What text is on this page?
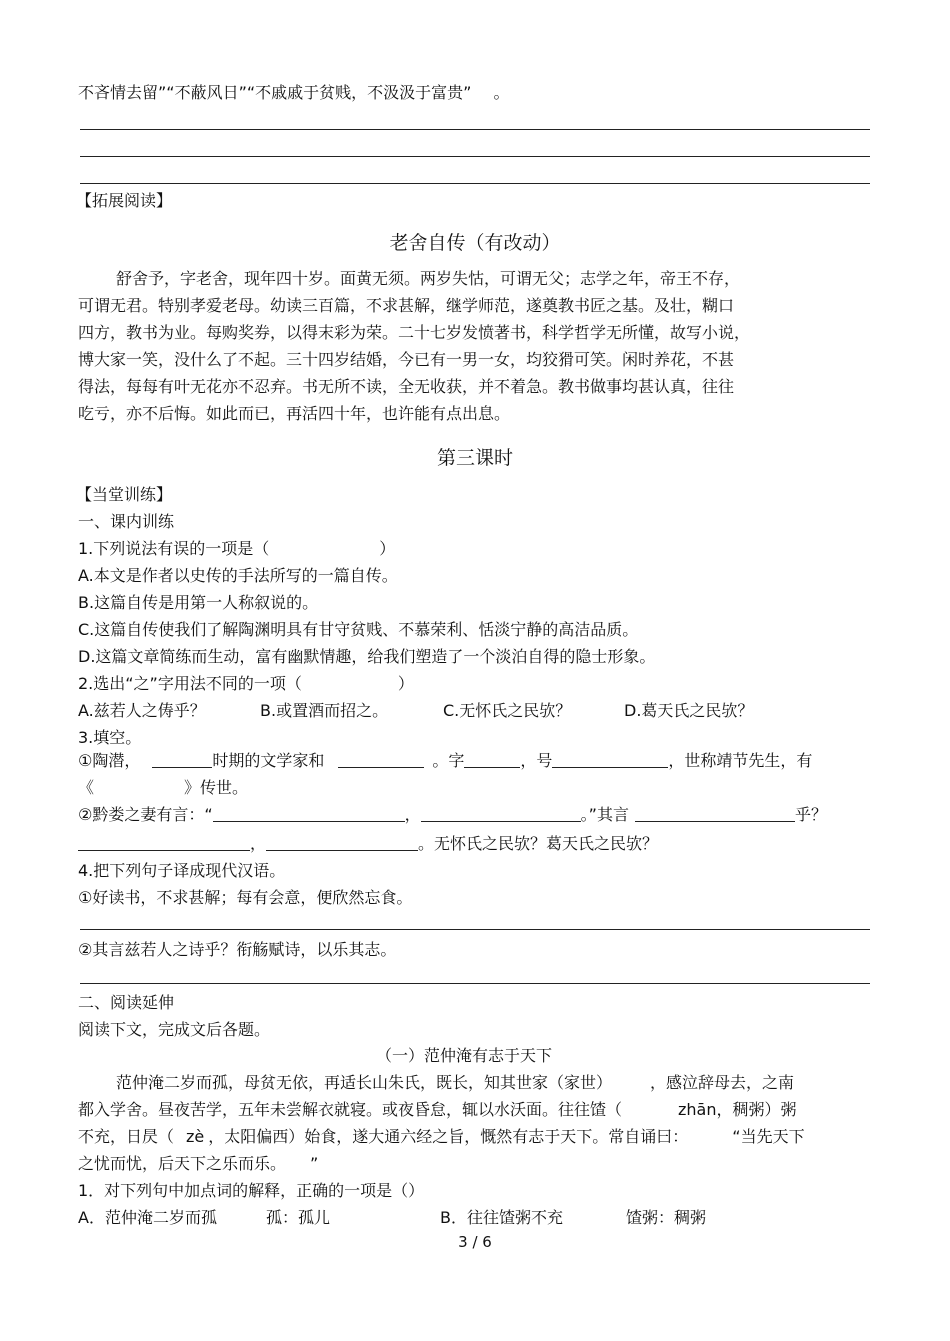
不吝情去留”“不蔽风日”“不戚戚于贫贱，不汲汲于富贵” 。
【拓展阅读】
老舍自传（有改动）
舒舍予，字老舍，现年四十岁。面黄无须。两岁失怙，可谓无父；志学之年，帝王不存，
可谓无君。特别孝爱老母。幼读三百篇，不求甚解，继学师范，遂奠教书匠之基。及壮，糊口
四方，教书为业。每购奖券，以得末彩为荣。二十七岁发愤著书，科学哲学无所懂，故写小说，
博大家一笑，没什么了不起。三十四岁结婚，今已有一男一女，均狡猾可笑。闲时养花，不甚
得法，每每有叶无花亦不忍弃。书无所不读，全无收获，并不着急。教书做事均甚认真，往往
吃亏，亦不后悔。如此而已，再活四十年，也许能有点出息。
第三课时
【当堂训练】
一、课内训练
1.下列说法有误的一项是（	）
A.本文是作者以史传的手法所写的一篇自传。
B.这篇自传是用第一人称叙说的。
C.这篇自传使我们了解陶渊明具有甘守贫贱、不慕荣利、恬淡宁静的高洁品质。
D.这篇文章简练而生动，富有幽默情趣，给我们塑造了一个淡泊自得的隐士形象。
2.选出“之”字用法不同的一项（	）
A.兹若人之俦乎？	B.或置酒而招之。	C.无怀氏之民欤？	D.葛天氏之民欤？
3.填空。
①陶潜，	时期的文学家和	。字	，号	，世称靖节先生，有
《	》传世。
②黔娄之妻有言：“	，	。”其言	乎？
，	。无怀氏之民欤？葛天氏之民欤？
4.把下列句子译成现代汉语。
①好读书，不求甚解；每有会意，便欣然忘食。
②其言兹若人之诗乎？衔觞赋诗，以乐其志。
二、阅读延伸
阅读下文，完成文后各题。
（一）范仲淹有志于天下
范仲淹二岁而孤，母贫无依，再适长山朱氏，既长，知其世家（家世） ，感泣辞母去，之南
都入学舍。昼夜苦学，五年未尝解衣就寝。或夜昏怠，辄以水沃面。往往馇（	zhān，稠粥）粥
不充，日昃（ zè ，太阳偏西）始食，遂大通六经之旨，慨然有志于天下。常自诵曰：	“当先天下
之忧而忧，后天下之乐而乐。 ”
1．对下列句中加点词的解释，正确的一项是（）
A．范仲淹二岁而孤	孤：孤儿	B．往往馇粥不充	馇粥：稠粥
3 / 6
